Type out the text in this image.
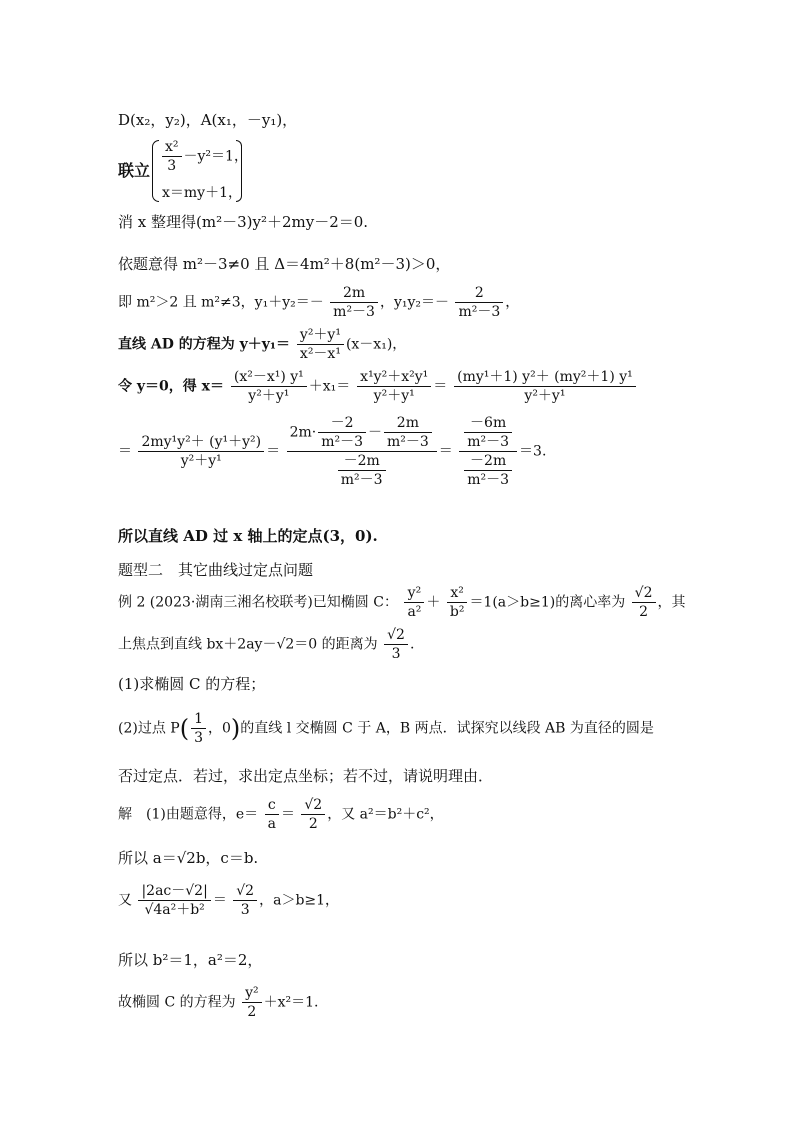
D(x₂，y₂)，A(x₁，－y₁)，
联立 $\frac{\text{x²}}{3} -y^2=1$，
x＝my＋1，
消 x 整理得(m²－3)y²＋2my－2＝0.
依题意得 m²－3≠0 且 Δ＝4m²＋8(m²－3)＞0，
即 m²＞2 且 m²≠3，$y_1+y_2=- \frac{2m}{\text{m²－3}}$ ，$y_1y_2=- \frac{2}{\text{m²－3}}$ ，
直线 AD 的方程为 $y+y_1= \frac{\text{y²＋y¹}}{\text{x²－x¹}} (x-x_1)$，
令 y＝0，得 $x= \frac{\text{(x²－x¹) y¹}}{\text{y²＋y¹}} +x_1= \frac{\text{x¹y²＋x²y¹}}{\text{y²＋y¹}} = \frac{\text{(my¹＋1) y²＋ (my²＋1) y¹}}{\text{y²＋y¹}}$
＝ $\frac{\text{2my¹y²＋ (y¹＋y²)}}{\text{y²＋y¹}} = \frac{2m\cdot \frac{-2}{\text{m²－3}} - \frac{2m}{\text{m²－3}}}{\frac{-2m}{\text{m²－3}}} = \frac{\frac{-6m}{\text{m²－3}}}{\frac{-2m}{\text{m²－3}}} =3$.
所以直线 AD 过 x 轴上的定点(3，0).
题型二　其它曲线过定点问题
例 2 (2023·湖南三湘名校联考)已知椭圆 C： $\frac{\text{y²}}{\text{a²}} + \frac{\text{x²}}{\text{b²}} =1(a>b\ge 1)$的离心率为 $\frac{√2}{2}$ ，其
上焦点到直线 bx＋2ay－√2＝0 的距离为 $\frac{√2}{3}$ .
(1)求椭圆 C 的方程；
(2)过点 $P( \frac{1}{3}$ ，0)的直线 l 交椭圆 C 于 A，B 两点．试探究以线段 AB 为直径的圆是
否过定点．若过，求出定点坐标；若不过，请说明理由．
解　(1)由题意得，$e= \frac{c}{a} = \frac{√2}{2}$ ，又 a²＝b²＋c²，
所以 a＝√2b，c＝b.
又 $\frac{|2ac-√2|}{\text{√4a²＋b²}} = \frac{√2}{3}$ ，a＞b≥1，
所以 b²＝1，a²＝2，
故椭圆 C 的方程为 $\frac{\text{y²}}{2} +x^2=1$.
